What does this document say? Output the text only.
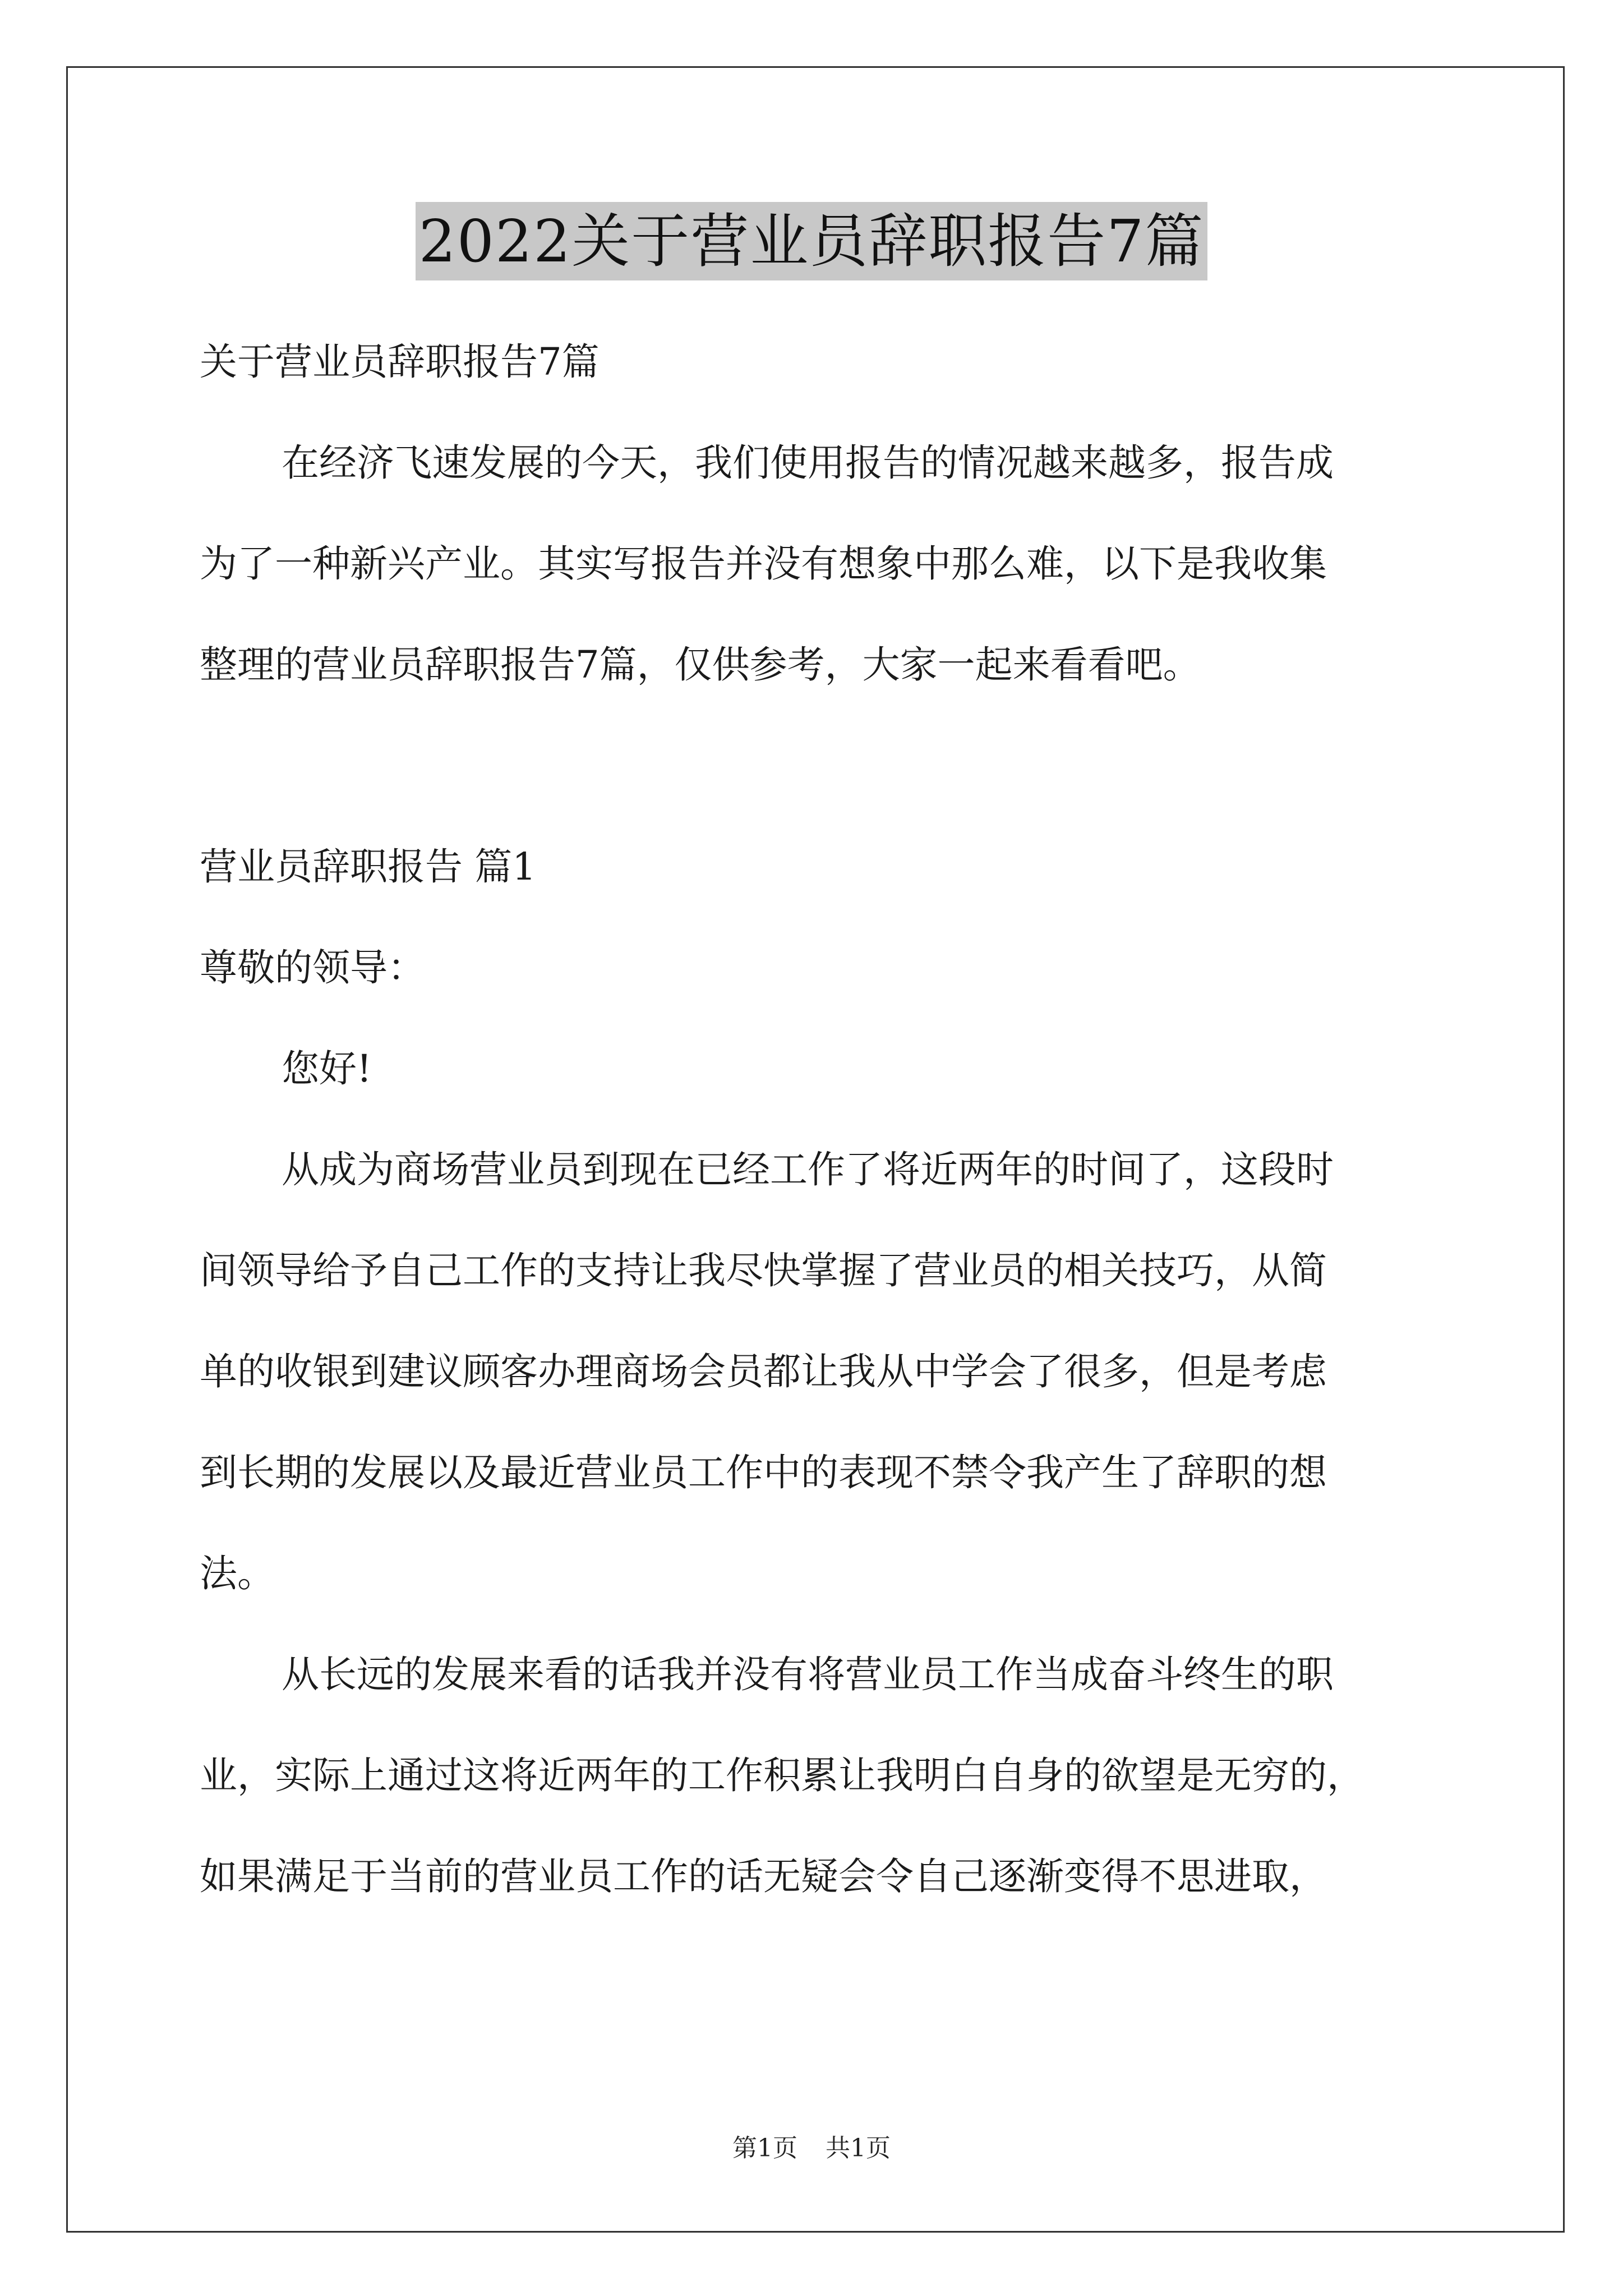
2022关于营业员辞职报告7篇
关于营业员辞职报告7篇
在经济飞速发展的今天，我们使用报告的情况越来越多，报告成
为了一种新兴产业。其实写报告并没有想象中那么难，以下是我收集
整理的营业员辞职报告7篇，仅供参考，大家一起来看看吧。
营业员辞职报告 篇1
尊敬的领导：
您好!
从成为商场营业员到现在已经工作了将近两年的时间了，这段时
间领导给予自己工作的支持让我尽快掌握了营业员的相关技巧，从简
单的收银到建议顾客办理商场会员都让我从中学会了很多，但是考虑
到长期的发展以及最近营业员工作中的表现不禁令我产生了辞职的想
法。
从长远的发展来看的话我并没有将营业员工作当成奋斗终生的职
业，实际上通过这将近两年的工作积累让我明白自身的欲望是无穷的，
如果满足于当前的营业员工作的话无疑会令自己逐渐变得不思进取，
第1页 共1页
